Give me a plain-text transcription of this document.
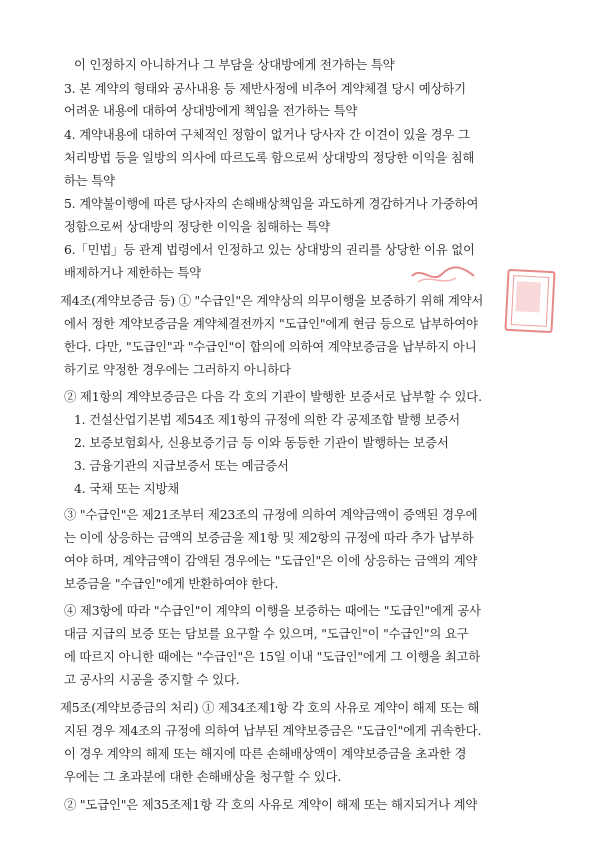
이 인정하지 아니하거나 그 부담을 상대방에게 전가하는 특약
3. 본 계약의 형태와 공사내용 등 제반사정에 비추어 계약체결 당시 예상하기
어려운 내용에 대하여 상대방에게 책임을 전가하는 특약
4. 계약내용에 대하여 구체적인 정함이 없거나 당사자 간 이견이 있을 경우 그
처리방법 등을 일방의 의사에 따르도록 함으로써 상대방의 정당한 이익을 침해
하는 특약
5. 계약불이행에 따른 당사자의 손해배상책임을 과도하게 경감하거나 가중하여
정함으로써 상대방의 정당한 이익을 침해하는 특약
6.「민법」등 관계 법령에서 인정하고 있는 상대방의 권리를 상당한 이유 없이
배제하거나 제한하는 특약
제4조(계약보증금 등) ① "수급인"은 계약상의 의무이행을 보증하기 위해 계약서
에서 정한 계약보증금을 계약체결전까지 "도급인"에게 현금 등으로 납부하여야
한다. 다만, "도급인"과 "수급인"이 합의에 의하여 계약보증금을 납부하지 아니
하기로 약정한 경우에는 그러하지 아니하다
② 제1항의 계약보증금은 다음 각 호의 기관이 발행한 보증서로 납부할 수 있다.
1. 건설산업기본법 제54조 제1항의 규정에 의한 각 공제조합 발행 보증서
2. 보증보험회사, 신용보증기금 등 이와 동등한 기관이 발행하는 보증서
3. 금융기관의 지급보증서 또는 예금증서
4. 국채 또는 지방채
③ "수급인"은 제21조부터 제23조의 규정에 의하여 계약금액이 증액된 경우에
는 이에 상응하는 금액의 보증금을 제1항 및 제2항의 규정에 따라 추가 납부하
여야 하며, 계약금액이 감액된 경우에는 "도급인"은 이에 상응하는 금액의 계약
보증금을 "수급인"에게 반환하여야 한다.
④ 제3항에 따라 "수급인"이 계약의 이행을 보증하는 때에는 "도급인"에게 공사
대금 지급의 보증 또는 담보를 요구할 수 있으며, "도급인"이 "수급인"의 요구
에 따르지 아니한 때에는 "수급인"은 15일 이내 "도급인"에게 그 이행을 최고하
고 공사의 시공을 중지할 수 있다.
제5조(계약보증금의 처리) ① 제34조제1항 각 호의 사유로 계약이 해제 또는 해
지된 경우 제4조의 규정에 의하여 납부된 계약보증금은 "도급인"에게 귀속한다.
이 경우 계약의 해제 또는 해지에 따른 손해배상액이 계약보증금을 초과한 경
우에는 그 초과분에 대한 손해배상을 청구할 수 있다.
② "도급인"은 제35조제1항 각 호의 사유로 계약이 해제 또는 해지되거나 계약
